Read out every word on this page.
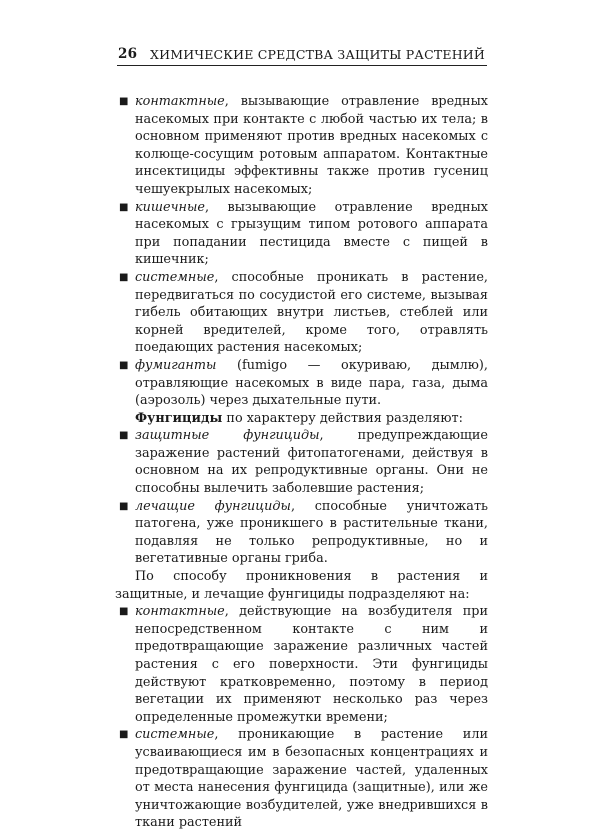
26 ХИМИЧЕСКИЕ СРЕДСТВА ЗАЩИТЫ РАСТЕНИЙ
■ контактные, вызывающие отравление вредных насекомых при контакте с любой частью их тела; в основном применяют против вредных насекомых с колюще-сосущим ротовым аппаратом. Контактные инсектициды эффективны также против гусениц чешуекрылых насекомых;
■ кишечные, вызывающие отравление вредных насекомых с грызущим типом ротового аппарата при попадании пестицида вместе с пищей в кишечник;
■ системные, способные проникать в растение, передвигаться по сосудистой его системе, вызывая гибель обитающих внутри листьев, стеблей или корней вредителей, кроме того, отравлять поедающих растения насекомых;
■ фумиганты (fumigo — окуриваю, дымлю), отравляющие насекомых в виде пара, газа, дыма (аэрозоль) через дыхательные пути.

Фунгициды по характеру действия разделяют:

■ защитные фунгициды, предупреждающие заражение растений фитопатогенами, действуя в основном на их репродуктивные органы. Они не способны вылечить заболевшие растения;
■ лечащие фунгициды, способные уничтожать патогена, уже проникшего в растительные ткани, подавляя не только репродуктивные, но и вегетативные органы гриба.

По способу проникновения в растения и защитные, и лечащие фунгициды подразделяют на:

■ контактные, действующие на возбудителя при непосредственном контакте с ним и предотвращающие заражение различных частей растения с его поверхности. Эти фунгициды действуют кратковременно, поэтому в период вегетации их применяют несколько раз через определенные промежутки времени;
■ системные, проникающие в растение или усваивающиеся им в безопасных концентрациях и предотвращающие заражение частей, удаленных от места нанесения фунгицида (защитные), или же уничтожающие возбудителей, уже внедрившихся в ткани растений
